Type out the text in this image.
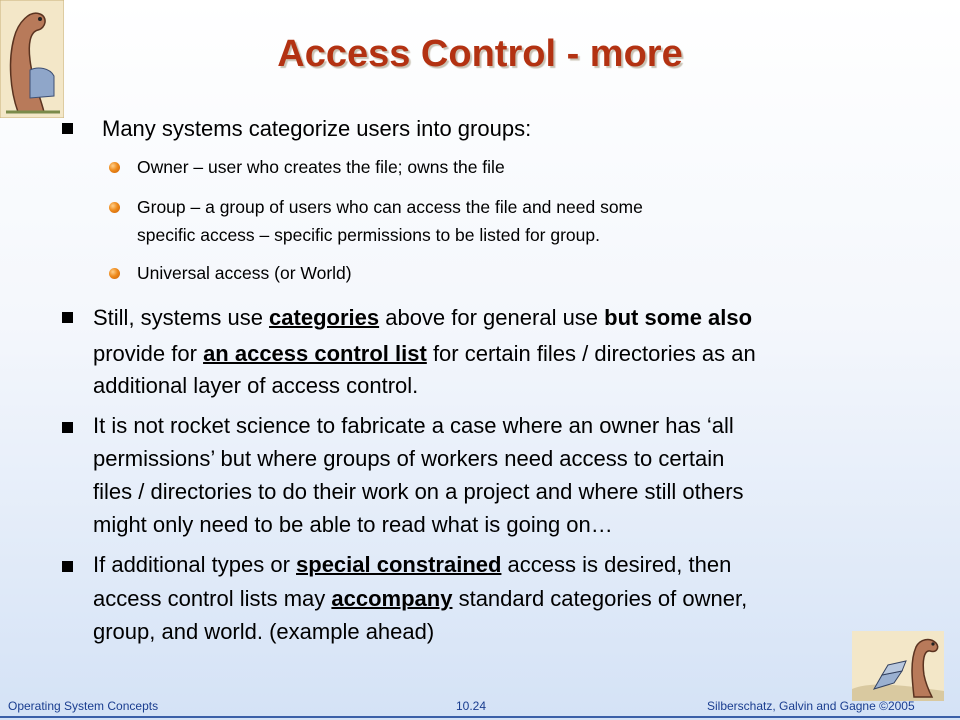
Access Control - more
Many systems categorize users into groups:
Owner – user who creates the file; owns the file
Group – a group of users who can access the file and need some
specific access – specific permissions to be listed for group.
Universal access (or World)
Still, systems use categories above for general use but some also
provide for an access control list for certain files / directories as an
additional layer of access control.
It is not rocket science to fabricate a case where an owner has ‘all
permissions’ but where groups of workers need access to certain
files / directories to do their work on a project and where still others
might only need to be able to read what is going on…
If additional types or special constrained access is desired, then
access control lists may accompany standard categories of owner,
group, and world. (example ahead)
Operating System Concepts	10.24	Silberschatz, Galvin and Gagne ©2005
